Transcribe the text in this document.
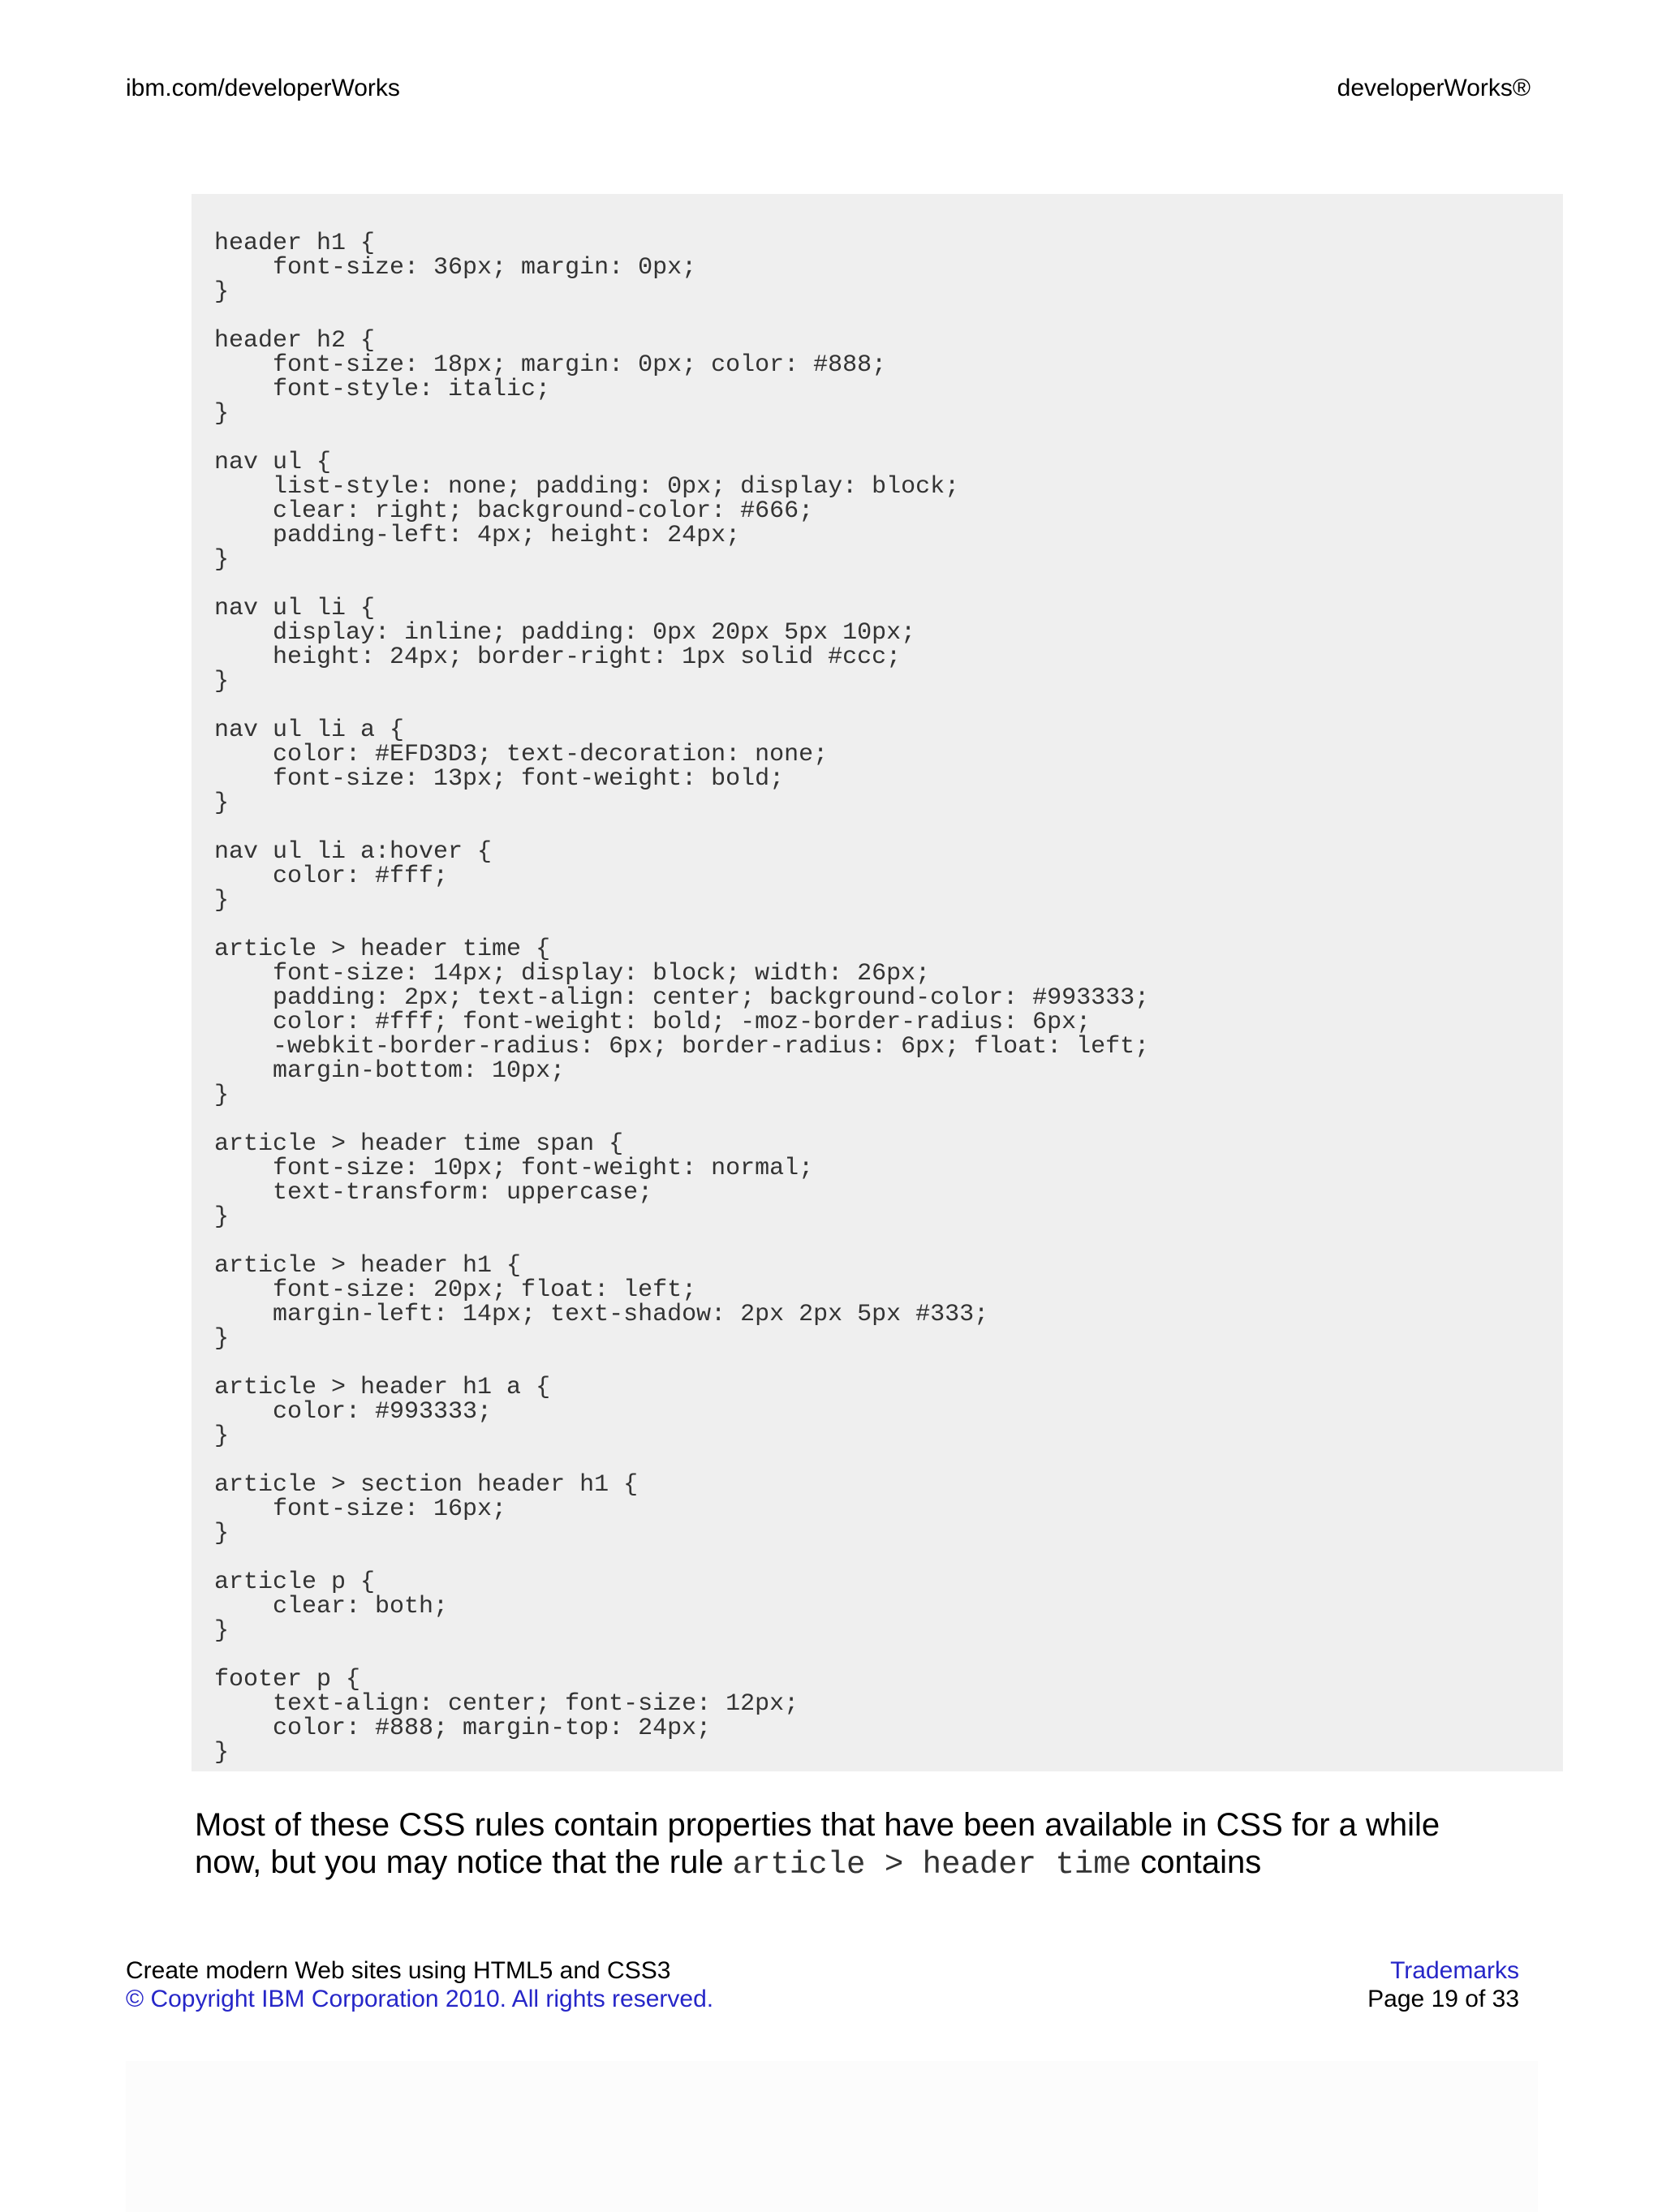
ibm.com/developerWorks	developerWorks®
header h1 {
font-size: 36px; margin: 0px;
}

header h2 {
font-size: 18px; margin: 0px; color: #888;
font-style: italic;
}

nav ul {
list-style: none; padding: 0px; display: block;
clear: right; background-color: #666;
padding-left: 4px; height: 24px;
}

nav ul li {
display: inline; padding: 0px 20px 5px 10px;
height: 24px; border-right: 1px solid #ccc;
}

nav ul li a {
color: #EFD3D3; text-decoration: none;
font-size: 13px; font-weight: bold;
}

nav ul li a:hover {
color: #fff;
}

article > header time {
font-size: 14px; display: block; width: 26px;
padding: 2px; text-align: center; background-color: #993333;
color: #fff; font-weight: bold; -moz-border-radius: 6px;
-webkit-border-radius: 6px; border-radius: 6px; float: left;
margin-bottom: 10px;
}

article > header time span {
font-size: 10px; font-weight: normal;
text-transform: uppercase;
}

article > header h1 {
font-size: 20px; float: left;
margin-left: 14px; text-shadow: 2px 2px 5px #333;
}

article > header h1 a {
color: #993333;
}

article > section header h1 {
font-size: 16px;
}

article p {
clear: both;
}

footer p {
text-align: center; font-size: 12px;
color: #888; margin-top: 24px;
}

Most of these CSS rules contain properties that have been available in CSS for a while now, but you may notice that the rule article > header time contains

Create modern Web sites using HTML5 and CSS3
© Copyright IBM Corporation 2010. All rights reserved.
Trademarks
Page 19 of 33
